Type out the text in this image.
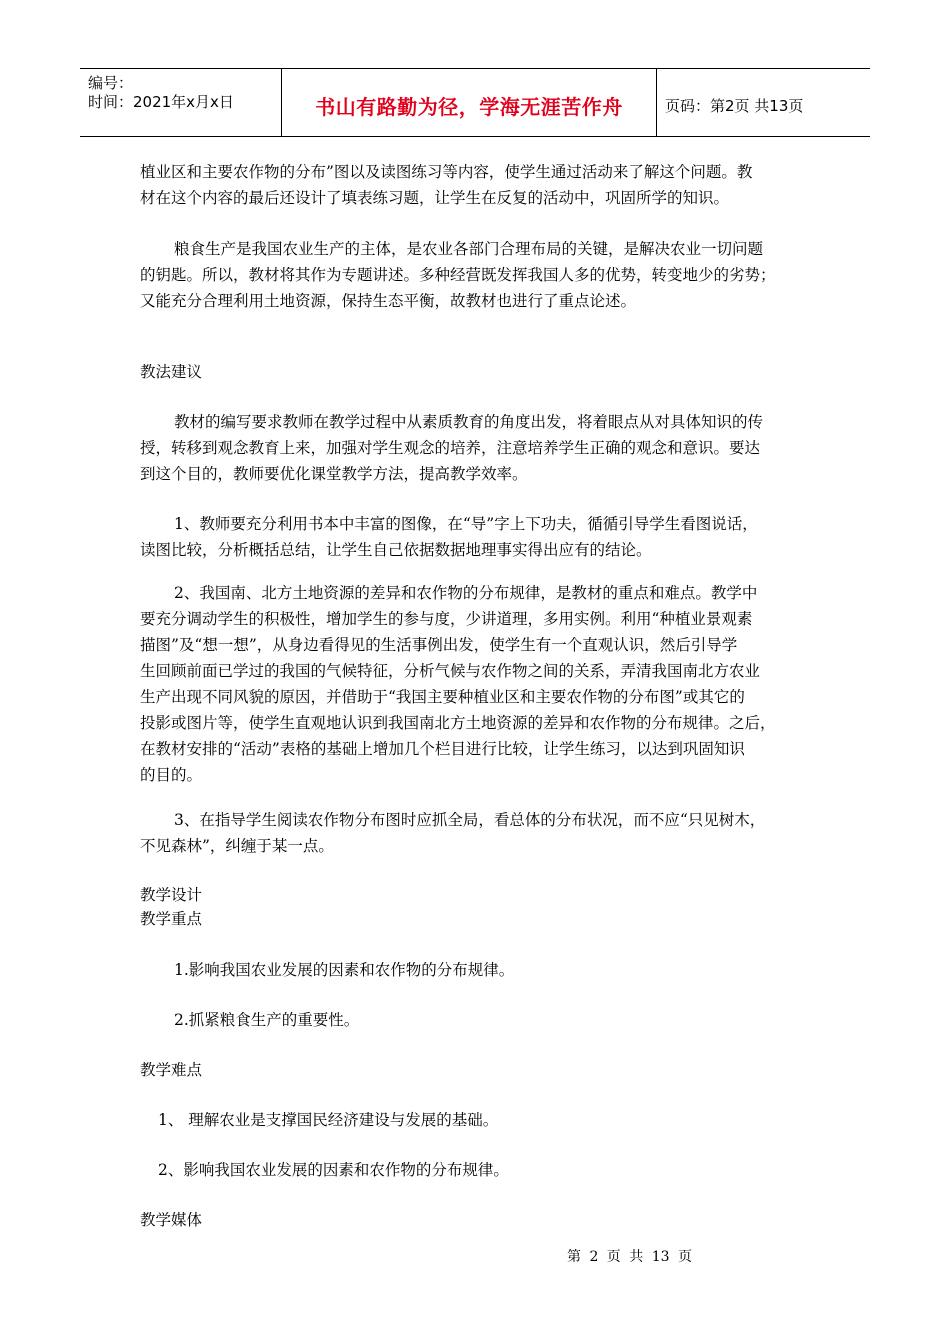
编号：
时间：2021年x月x日	书山有路勤为径，学海无涯苦作舟	页码：第2页 共13页
植业区和主要农作物的分布”图以及读图练习等内容，使学生通过活动来了解这个问题。教
材在这个内容的最后还设计了填表练习题，让学生在反复的活动中，巩固所学的知识。
粮食生产是我国农业生产的主体，是农业各部门合理布局的关键，是解决农业一切问题
的钥匙。所以，教材将其作为专题讲述。多种经营既发挥我国人多的优势，转变地少的劣势；
又能充分合理利用土地资源，保持生态平衡，故教材也进行了重点论述。
教法建议
教材的编写要求教师在教学过程中从素质教育的角度出发，将着眼点从对具体知识的传
授，转移到观念教育上来，加强对学生观念的培养，注意培养学生正确的观念和意识。要达
到这个目的，教师要优化课堂教学方法，提高教学效率。
1、教师要充分利用书本中丰富的图像，在“导”字上下功夫，循循引导学生看图说话，
读图比较，分析概括总结，让学生自己依据数据地理事实得出应有的结论。
2、我国南、北方土地资源的差异和农作物的分布规律，是教材的重点和难点。教学中
要充分调动学生的积极性，增加学生的参与度，少讲道理，多用实例。利用“种植业景观素
描图”及“想一想”，从身边看得见的生活事例出发，使学生有一个直观认识，然后引导学
生回顾前面已学过的我国的气候特征，分析气候与农作物之间的关系，弄清我国南北方农业
生产出现不同风貌的原因，并借助于“我国主要种植业区和主要农作物的分布图”或其它的
投影或图片等，使学生直观地认识到我国南北方土地资源的差异和农作物的分布规律。之后，
在教材安排的“活动”表格的基础上增加几个栏目进行比较，让学生练习，以达到巩固知识
的目的。
3、在指导学生阅读农作物分布图时应抓全局，看总体的分布状况，而不应“只见树木，
不见森林”，纠缠于某一点。
教学设计
教学重点
1.影响我国农业发展的因素和农作物的分布规律。
2.抓紧粮食生产的重要性。
教学难点
1、 理解农业是支撑国民经济建设与发展的基础。
2、影响我国农业发展的因素和农作物的分布规律。
教学媒体
第 2 页 共 13 页
